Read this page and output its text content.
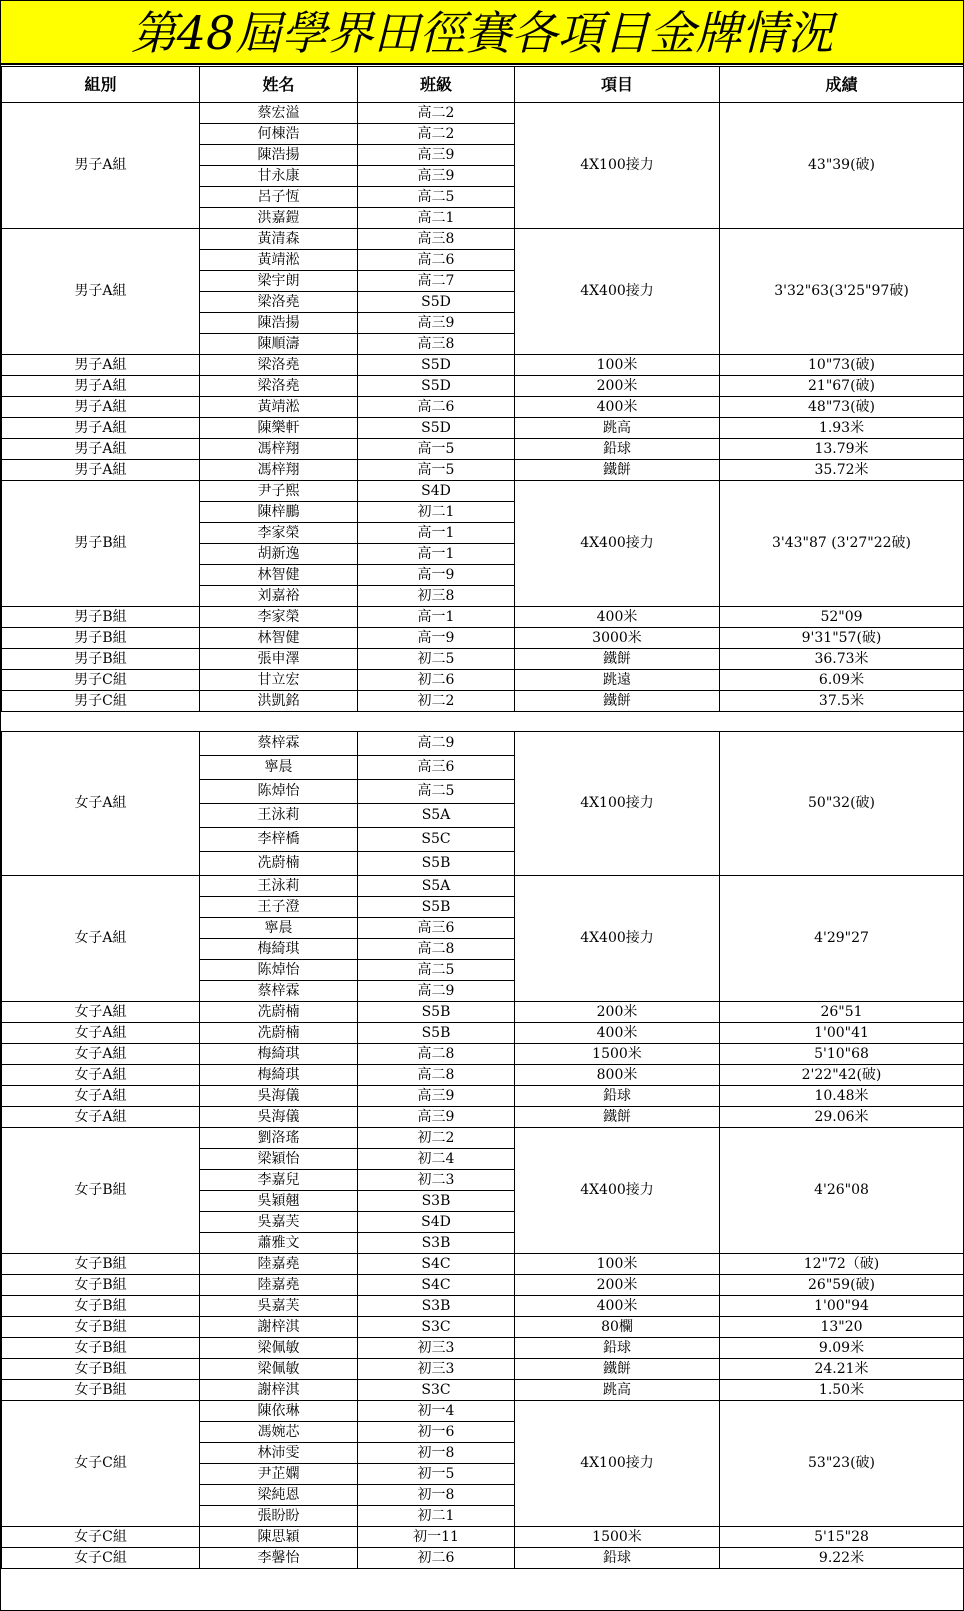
第48屆學界田徑賽各項目金牌情況
組別	姓名	班級	項目	成績
男子A組	蔡宏溢	高二2	4X100接力	43"39(破)
	何棟浩	高二2		
	陳浩揚	高三9		
	甘永康	高三9		
	呂子恆	高二5		
	洪嘉鎧	高二1		
男子A組	黃清森	高三8	4X400接力	3'32"63(3'25"97破)
	黃靖淞	高二6		
	梁宇朗	高二7		
	梁洛堯	S5D		
	陳浩揚	高三9		
	陳順濤	高三8		
男子A組	梁洛堯	S5D	100米	10"73(破)
男子A組	梁洛堯	S5D	200米	21"67(破)
男子A組	黃靖淞	高二6	400米	48"73(破)
男子A組	陳樂軒	S5D	跳高	1.93米
男子A組	馮梓翔	高一5	鉛球	13.79米
男子A組	馮梓翔	高一5	鐵餅	35.72米
男子B組	尹子熙	S4D	4X400接力	3'43"87 (3'27"22破)
	陳梓鵬	初二1		
	李家榮	高一1		
	胡新逸	高一1		
	林智健	高一9		
	刘嘉裕	初三8		
男子B組	李家榮	高一1	400米	52"09
男子B組	林智健	高一9	3000米	9'31"57(破)
男子B組	張申澤	初二5	鐵餅	36.73米
男子C組	甘立宏	初二6	跳遠	6.09米
男子C組	洪凱銘	初二2	鐵餅	37.5米

女子A組	蔡梓霖	高二9	4X100接力	50"32(破)
	寧晨	高三6		
	陈焯怡	高二5		
	王泳莉	S5A		
	李梓橋	S5C		
	冼蔚楠	S5B		
女子A組	王泳莉	S5A	4X400接力	4'29"27
	王子澄	S5B		
	寧晨	高三6		
	梅綺琪	高二8		
	陈焯怡	高二5		
	蔡梓霖	高二9		
女子A組	冼蔚楠	S5B	200米	26"51
女子A組	冼蔚楠	S5B	400米	1'00"41
女子A組	梅綺琪	高二8	1500米	5'10"68
女子A組	梅綺琪	高二8	800米	2'22"42(破)
女子A組	吳海儀	高三9	鉛球	10.48米
女子A組	吳海儀	高三9	鐵餅	29.06米
女子B組	劉洛瑤	初二2	4X400接力	4'26"08
	梁穎怡	初二4		
	李嘉兒	初二3		
	吳穎翹	S3B		
	吳嘉芙	S4D		
	蕭雅文	S3B		
女子B組	陸嘉堯	S4C	100米	12"72（破)
女子B組	陸嘉堯	S4C	200米	26"59(破)
女子B組	吳嘉芙	S3B	400米	1'00"94
女子B組	謝梓淇	S3C	80欄	13"20
女子B組	梁佩敏	初三3	鉛球	9.09米
女子B組	梁佩敏	初三3	鐵餅	24.21米
女子B組	謝梓淇	S3C	跳高	1.50米
女子C組	陳依琳	初一4	4X100接力	53"23(破)
	馮婉芯	初一6		
	林沛雯	初一8		
	尹芷嫻	初一5		
	梁純恩	初一8		
	張盼盼	初二1		
女子C組	陳思穎	初一11	1500米	5'15"28
女子C組	李馨怡	初二6	鉛球	9.22米
